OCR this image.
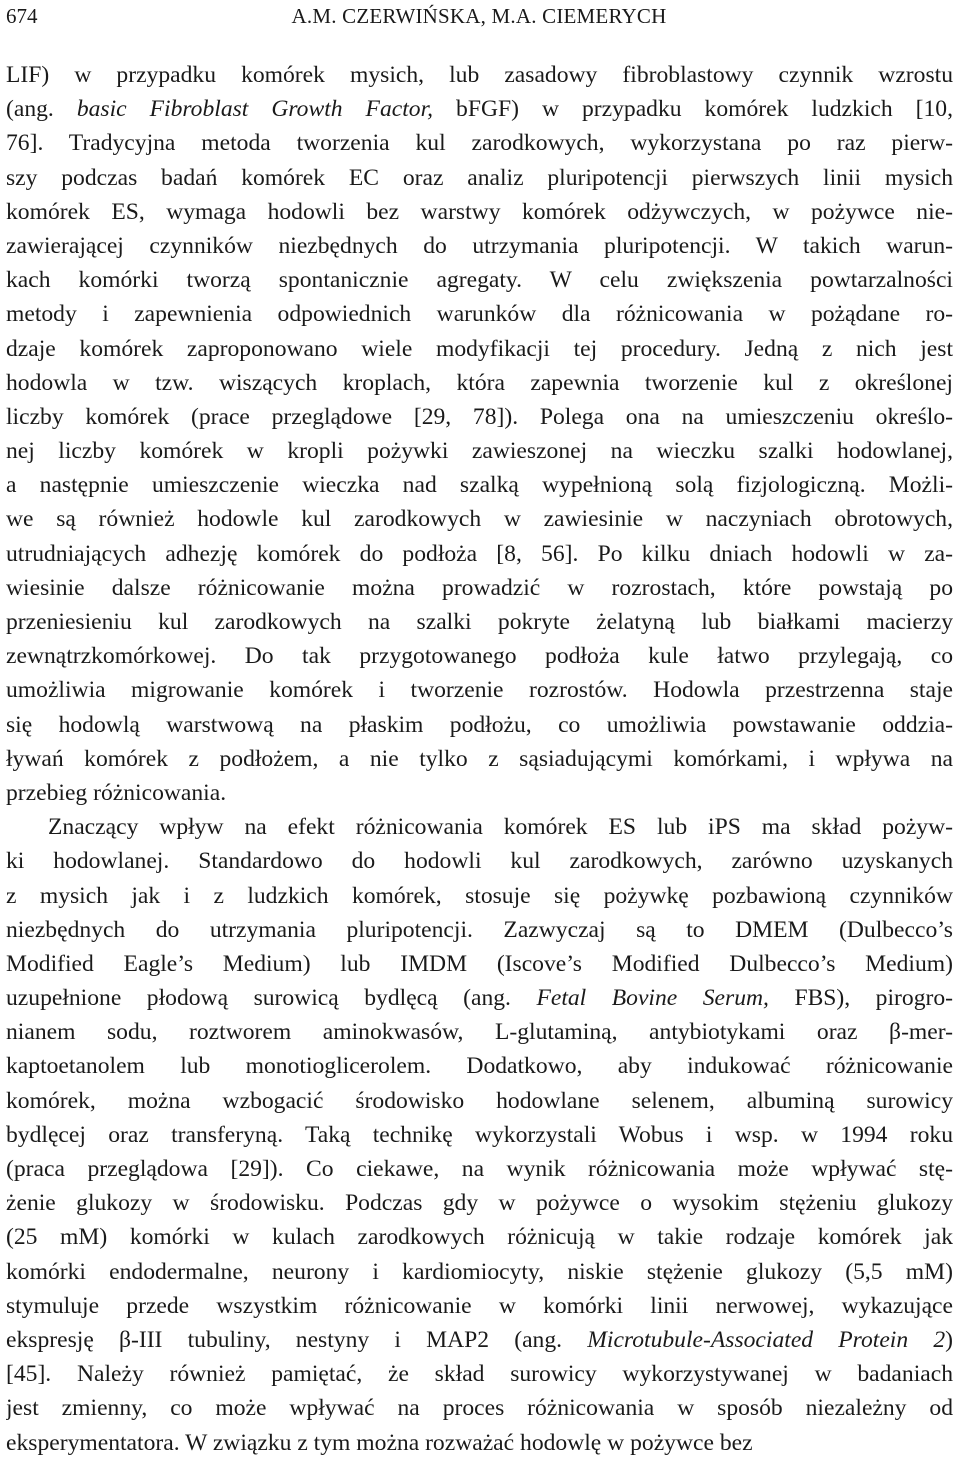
674	A.M. CZERWIŃSKA, M.A. CIEMERYCH
LIF) w przypadku komórek mysich, lub zasadowy fibroblastowy czynnik wzrostu
(ang. basic Fibroblast Growth Factor, bFGF) w przypadku komórek ludzkich [10,
76]. Tradycyjna metoda tworzenia kul zarodkowych, wykorzystana po raz pierw-
szy podczas badań komórek EC oraz analiz pluripotencji pierwszych linii mysich
komórek ES, wymaga hodowli bez warstwy komórek odżywczych, w pożywce nie-
zawierającej czynników niezbędnych do utrzymania pluripotencji. W takich warun-
kach komórki tworzą spontanicznie agregaty. W celu zwiększenia powtarzalności
metody i zapewnienia odpowiednich warunków dla różnicowania w pożądane ro-
dzaje komórek zaproponowano wiele modyfikacji tej procedury. Jedną z nich jest
hodowla w tzw. wiszących kroplach, która zapewnia tworzenie kul z określonej
liczby komórek (prace przeglądowe [29, 78]). Polega ona na umieszczeniu określo-
nej liczby komórek w kropli pożywki zawieszonej na wieczku szalki hodowlanej,
a następnie umieszczenie wieczka nad szalką wypełnioną solą fizjologiczną. Możli-
we są również hodowle kul zarodkowych w zawiesinie w naczyniach obrotowych,
utrudniających adhezję komórek do podłoża [8, 56]. Po kilku dniach hodowli w za-
wiesinie dalsze różnicowanie można prowadzić w rozrostach, które powstają po
przeniesieniu kul zarodkowych na szalki pokryte żelatyną lub białkami macierzy
zewnątrzkomórkowej. Do tak przygotowanego podłoża kule łatwo przylegają, co
umożliwia migrowanie komórek i tworzenie rozrostów. Hodowla przestrzenna staje
się hodowlą warstwową na płaskim podłożu, co umożliwia powstawanie oddzia-
ływań komórek z podłożem, a nie tylko z sąsiadującymi komórkami, i wpływa na
przebieg różnicowania.
Znaczący wpływ na efekt różnicowania komórek ES lub iPS ma skład pożyw-
ki hodowlanej. Standardowo do hodowli kul zarodkowych, zarówno uzyskanych
z mysich jak i z ludzkich komórek, stosuje się pożywkę pozbawioną czynników
niezbędnych do utrzymania pluripotencji. Zazwyczaj są to DMEM (Dulbecco’s
Modified Eagle’s Medium) lub IMDM (Iscove’s Modified Dulbecco’s Medium)
uzupełnione płodową surowicą bydlęcą (ang. Fetal Bovine Serum, FBS), pirogro-
nianem sodu, roztworem aminokwasów, L-glutaminą, antybiotykami oraz β-mer-
kaptoetanolem lub monotioglicerolem. Dodatkowo, aby indukować różnicowanie
komórek, można wzbogacić środowisko hodowlane selenem, albuminą surowicy
bydlęcej oraz transferyną. Taką technikę wykorzystali Wobus i wsp. w 1994 roku
(praca przeglądowa [29]). Co ciekawe, na wynik różnicowania może wpływać stę-
żenie glukozy w środowisku. Podczas gdy w pożywce o wysokim stężeniu glukozy
(25 mM) komórki w kulach zarodkowych różnicują w takie rodzaje komórek jak
komórki endodermalne, neurony i kardiomiocyty, niskie stężenie glukozy (5,5 mM)
stymuluje przede wszystkim różnicowanie w komórki linii nerwowej, wykazujące
ekspresję β-III tubuliny, nestyny i MAP2 (ang. Microtubule-Associated Protein 2)
[45]. Należy również pamiętać, że skład surowicy wykorzystywanej w badaniach
jest zmienny, co może wpływać na proces różnicowania w sposób niezależny od
eksperymentatora. W związku z tym można rozważać hodowlę w pożywce bez
